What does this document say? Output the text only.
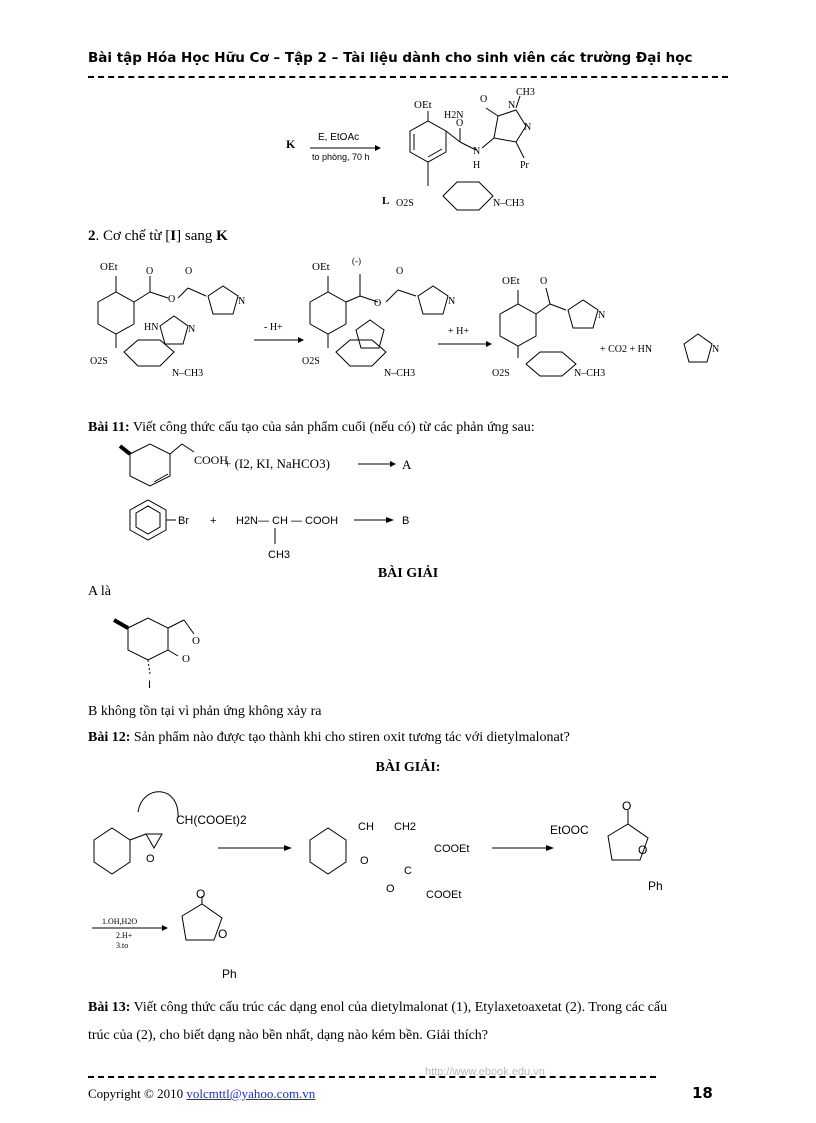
Bài tập Hóa Học Hữu Cơ – Tập 2 – Tài liệu dành cho sinh viên các trường Đại học
K E, EtOAc
to phòng, 70 h
OEt
O
N
H
N
N
CH3
Pr
O
H2N
L O2S	N–CH3
2. Cơ chế từ [I] sang K
OEt	O
O
O
N
HN	N
O2S
N–CH3
- H+
OEt (-)
O
O
N
O2S
N–CH3
+ H+
OEt O
N
O2S	N–CH3
+ CO2 + HN	N
Bài 11: Viết công thức cấu tạo của sản phẩm cuối (nếu có) từ các phản ứng sau:
COOH
+ (I2, KI, NaHCO3)	A
Br + H2N— CH — COOH
CH3
B
BÀI GIẢI
A là
O
O
I
B không tồn tại vì phản ứng không xảy ra
Bài 12: Sản phẩm nào được tạo thành khi cho stiren oxit tương tác với dietylmalonat?
BÀI GIẢI:
O
CH(COOEt)2	CH CH2
O
C
COOEt
COOEt
O
EtOOC
O
O
Ph
1.OH,H2O
2.H+
3.to
O
O
Ph
Bài 13: Viết công thức cấu trúc các dạng enol của dietylmalonat (1), Etylaxetoaxetat (2). Trong các cấu
trúc của (2), cho biết dạng nào bền nhất, dạng nào kém bền. Giải thích?
http://www.ebook.edu.vn
Copyright © 2010 volcmttl@yahoo.com.vn	18
